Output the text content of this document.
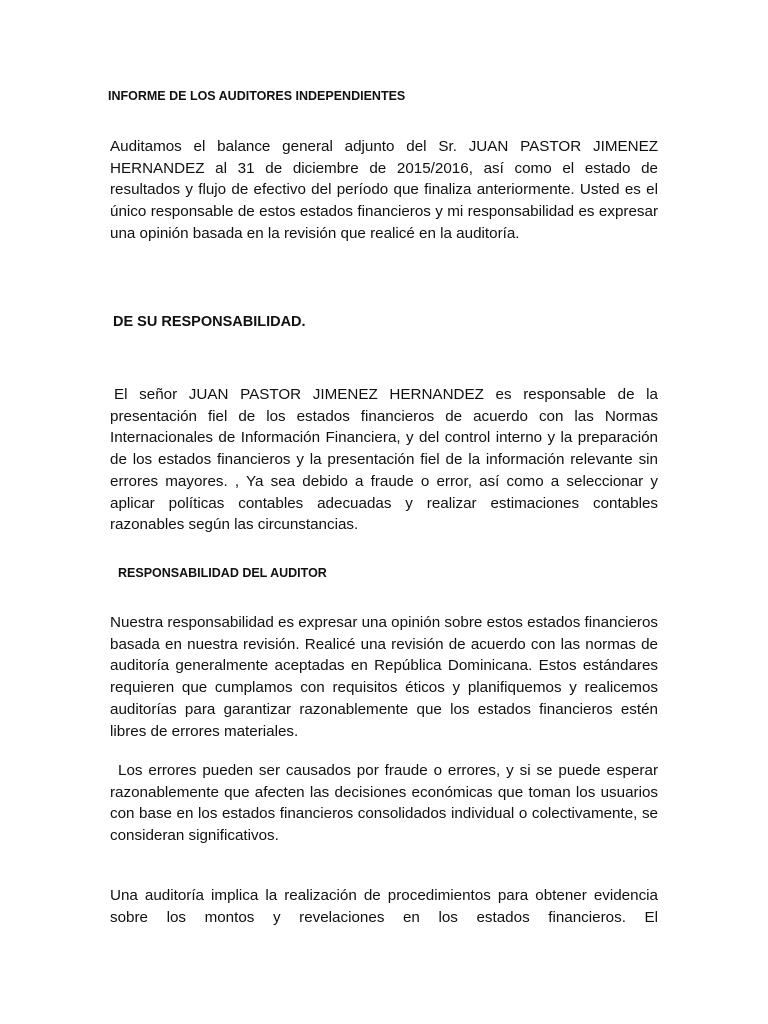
INFORME DE LOS AUDITORES INDEPENDIENTES

Auditamos el balance general adjunto del Sr. JUAN PASTOR JIMENEZ HERNANDEZ al 31 de diciembre de 2015/2016, así como el estado de resultados y flujo de efectivo del período que finaliza anteriormente. Usted es el único responsable de estos estados financieros y mi responsabilidad es expresar una opinión basada en la revisión que realicé en la auditoría.

DE SU RESPONSABILIDAD.

El señor JUAN PASTOR JIMENEZ HERNANDEZ es responsable de la presentación fiel de los estados financieros de acuerdo con las Normas Internacionales de Información Financiera, y del control interno y la preparación de los estados financieros y la presentación fiel de la información relevante sin errores mayores. , Ya sea debido a fraude o error, así como a seleccionar y aplicar políticas contables adecuadas y realizar estimaciones contables razonables según las circunstancias.

RESPONSABILIDAD DEL AUDITOR

Nuestra responsabilidad es expresar una opinión sobre estos estados financieros basada en nuestra revisión. Realicé una revisión de acuerdo con las normas de auditoría generalmente aceptadas en República Dominicana. Estos estándares requieren que cumplamos con requisitos éticos y planifiquemos y realicemos auditorías para garantizar razonablemente que los estados financieros estén libres de errores materiales.

Los errores pueden ser causados por fraude o errores, y si se puede esperar razonablemente que afecten las decisiones económicas que toman los usuarios con base en los estados financieros consolidados individual o colectivamente, se consideran significativos.

Una auditoría implica la realización de procedimientos para obtener evidencia sobre los montos y revelaciones en los estados financieros. El
